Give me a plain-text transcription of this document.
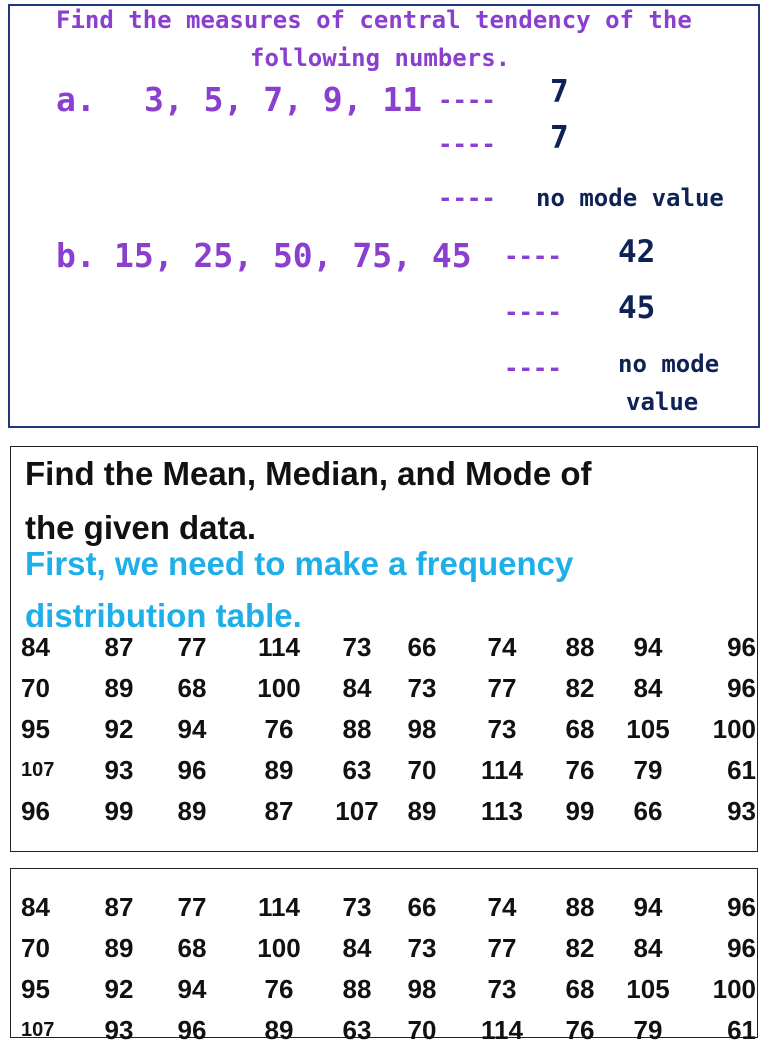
Find the measures of central tendency of the
following numbers.
a. 3, 5, 7, 9, 11 ---- 7
---- 7
---- no mode value
b. 15, 25, 50, 75, 45 ---- 42
---- 45
---- no mode
value
Find the Mean, Median, and Mode of
the given data.
First, we need to make a frequency
distribution table.
84	87	77	114	73	66	74	88	94	96
70	89	68	100	84	73	77	82	84	96
95	92	94	76	88	98	73	68	105	100
107	93	96	89	63	70	114	76	79	61
96	99	89	87	107	89	113	99	66	93
84	87	77	114	73	66	74	88	94	96
70	89	68	100	84	73	77	82	84	96
95	92	94	76	88	98	73	68	105	100
107	93	96	89	63	70	114	76	79	61
